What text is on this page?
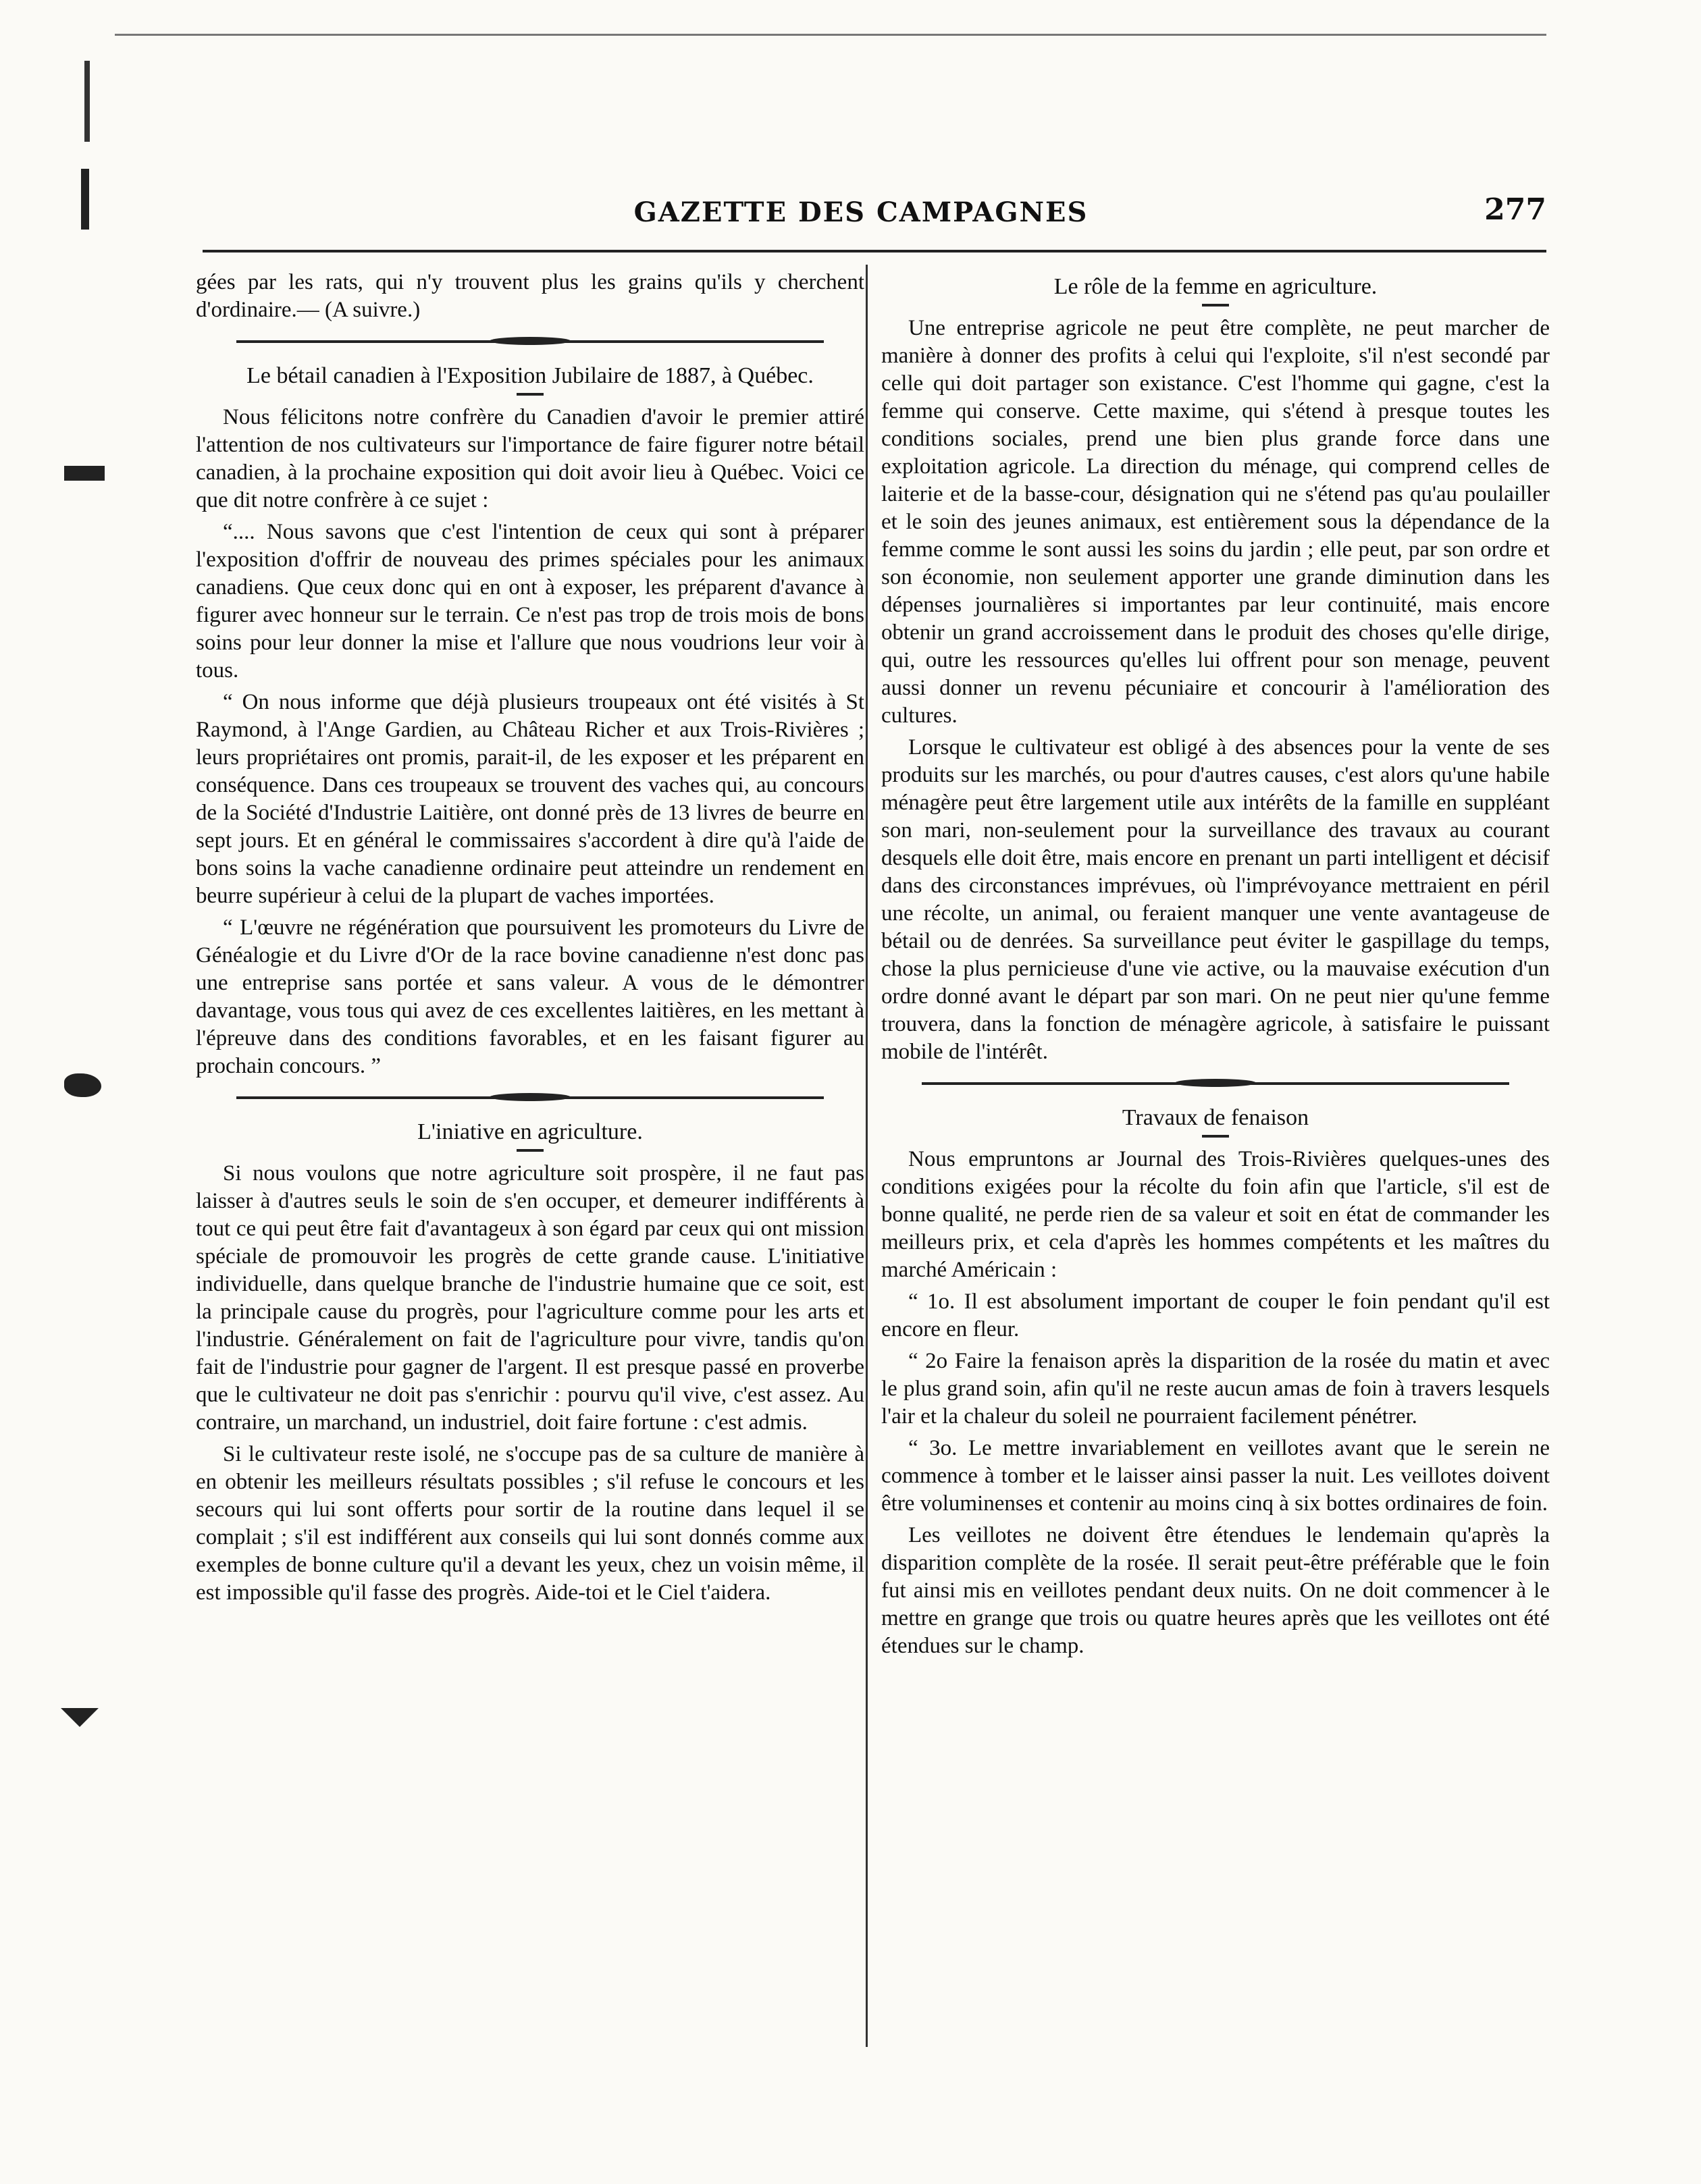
GAZETTE DES CAMPAGNES	277

gées par les rats, qui n'y trouvent plus les grains qu'ils y cherchent d'ordinaire.— (A suivre.)

Le bétail canadien à l'Exposition Jubilaire de 1887, à Québec.

Nous félicitons notre confrère du Canadien d'avoir le premier attiré l'attention de nos cultivateurs sur l'importance de faire figurer notre bétail canadien, à la prochaine exposition qui doit avoir lieu à Québec. Voici ce que dit notre confrère à ce sujet :

“.... Nous savons que c'est l'intention de ceux qui sont à préparer l'exposition d'offrir de nouveau des primes spéciales pour les animaux canadiens. Que ceux donc qui en ont à exposer, les préparent d'avance à figurer avec honneur sur le terrain. Ce n'est pas trop de trois mois de bons soins pour leur donner la mise et l'allure que nous voudrions leur voir à tous.

“ On nous informe que déjà plusieurs troupeaux ont été visités à St Raymond, à l'Ange Gardien, au Château Richer et aux Trois-Rivières ; leurs propriétaires ont promis, parait-il, de les exposer et les préparent en conséquence. Dans ces troupeaux se trouvent des vaches qui, au concours de la Société d'Industrie Laitière, ont donné près de 13 livres de beurre en sept jours. Et en général le commissaires s'accordent à dire qu'à l'aide de bons soins la vache canadienne ordinaire peut atteindre un rendement en beurre supérieur à celui de la plupart de vaches importées.

“ L'œuvre ne régénération que poursuivent les promoteurs du Livre de Généalogie et du Livre d'Or de la race bovine canadienne n'est donc pas une entreprise sans portée et sans valeur. A vous de le démontrer davantage, vous tous qui avez de ces excellentes laitières, en les mettant à l'épreuve dans des conditions favorables, et en les faisant figurer au prochain concours. ”

L'iniative en agriculture.

Si nous voulons que notre agriculture soit prospère, il ne faut pas laisser à d'autres seuls le soin de s'en occuper, et demeurer indifférents à tout ce qui peut être fait d'avantageux à son égard par ceux qui ont mission spéciale de promouvoir les progrès de cette grande cause. L'initiative individuelle, dans quelque branche de l'industrie humaine que ce soit, est la principale cause du progrès, pour l'agriculture comme pour les arts et l'industrie. Généralement on fait de l'agriculture pour vivre, tandis qu'on fait de l'industrie pour gagner de l'argent. Il est presque passé en proverbe que le cultivateur ne doit pas s'enrichir : pourvu qu'il vive, c'est assez. Au contraire, un marchand, un industriel, doit faire fortune : c'est admis.

Si le cultivateur reste isolé, ne s'occupe pas de sa culture de manière à en obtenir les meilleurs résultats possibles ; s'il refuse le concours et les secours qui lui sont offerts pour sortir de la routine dans lequel il se complait ; s'il est indifférent aux conseils qui lui sont donnés comme aux exemples de bonne culture qu'il a devant les yeux, chez un voisin même, il est impossible qu'il fasse des progrès. Aide-toi et le Ciel t'aidera.

Le rôle de la femme en agriculture.

Une entreprise agricole ne peut être complète, ne peut marcher de manière à donner des profits à celui qui l'exploite, s'il n'est secondé par celle qui doit partager son existance. C'est l'homme qui gagne, c'est la femme qui conserve. Cette maxime, qui s'étend à presque toutes les conditions sociales, prend une bien plus grande force dans une exploitation agricole. La direction du ménage, qui comprend celles de laiterie et de la basse-cour, désignation qui ne s'étend pas qu'au poulailler et le soin des jeunes animaux, est entièrement sous la dépendance de la femme comme le sont aussi les soins du jardin ; elle peut, par son ordre et son économie, non seulement apporter une grande diminution dans les dépenses journalières si importantes par leur continuité, mais encore obtenir un grand accroissement dans le produit des choses qu'elle dirige, qui, outre les ressources qu'elles lui offrent pour son menage, peuvent aussi donner un revenu pécuniaire et concourir à l'amélioration des cultures.

Lorsque le cultivateur est obligé à des absences pour la vente de ses produits sur les marchés, ou pour d'autres causes, c'est alors qu'une habile ménagère peut être largement utile aux intérêts de la famille en suppléant son mari, non-seulement pour la surveillance des travaux au courant desquels elle doit être, mais encore en prenant un parti intelligent et décisif dans des circonstances imprévues, où l'imprévoyance mettraient en péril une récolte, un animal, ou feraient manquer une vente avantageuse de bétail ou de denrées. Sa surveillance peut éviter le gaspillage du temps, chose la plus pernicieuse d'une vie active, ou la mauvaise exécution d'un ordre donné avant le départ par son mari. On ne peut nier qu'une femme trouvera, dans la fonction de ménagère agricole, à satisfaire le puissant mobile de l'intérêt.

Travaux de fenaison

Nous empruntons ar Journal des Trois-Rivières quelques-unes des conditions exigées pour la récolte du foin afin que l'article, s'il est de bonne qualité, ne perde rien de sa valeur et soit en état de commander les meilleurs prix, et cela d'après les hommes compétents et les maîtres du marché Américain :

“ 1o. Il est absolument important de couper le foin pendant qu'il est encore en fleur.

“ 2o Faire la fenaison après la disparition de la rosée du matin et avec le plus grand soin, afin qu'il ne reste aucun amas de foin à travers lesquels l'air et la chaleur du soleil ne pourraient facilement pénétrer.

“ 3o. Le mettre invariablement en veillotes avant que le serein ne commence à tomber et le laisser ainsi passer la nuit. Les veillotes doivent être voluminenses et contenir au moins cinq à six bottes ordinaires de foin.

Les veillotes ne doivent être étendues le lendemain qu'après la disparition complète de la rosée. Il serait peut-être préférable que le foin fut ainsi mis en veillotes pendant deux nuits. On ne doit commencer à le mettre en grange que trois ou quatre heures après que les veillotes ont été étendues sur le champ.
